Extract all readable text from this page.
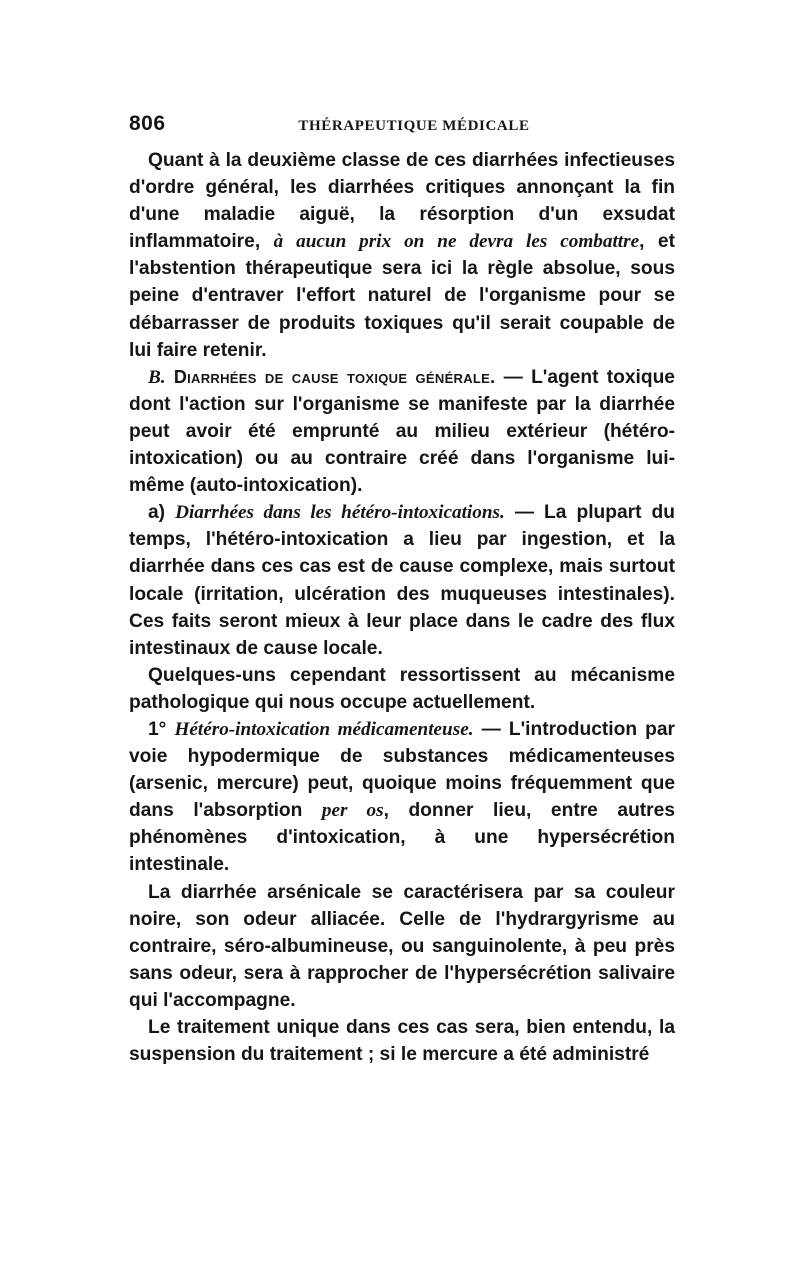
806	THÉRAPEUTIQUE MÉDICALE

Quant à la deuxième classe de ces diarrhées infectieuses d'ordre général, les diarrhées critiques annonçant la fin d'une maladie aiguë, la résorption d'un exsudat inflammatoire, à aucun prix on ne devra les combattre, et l'abstention thérapeutique sera ici la règle absolue, sous peine d'entraver l'effort naturel de l'organisme pour se débarrasser de produits toxiques qu'il serait coupable de lui faire retenir.

B. Diarrhées de cause toxique générale. — L'agent toxique dont l'action sur l'organisme se manifeste par la diarrhée peut avoir été emprunté au milieu extérieur (hétéro-intoxication) ou au contraire créé dans l'organisme lui-même (auto-intoxication).

a) Diarrhées dans les hétéro-intoxications. — La plupart du temps, l'hétéro-intoxication a lieu par ingestion, et la diarrhée dans ces cas est de cause complexe, mais surtout locale (irritation, ulcération des muqueuses intestinales). Ces faits seront mieux à leur place dans le cadre des flux intestinaux de cause locale.

Quelques-uns cependant ressortissent au mécanisme pathologique qui nous occupe actuellement.

1° Hétéro-intoxication médicamenteuse. — L'introduction par voie hypodermique de substances médicamenteuses (arsenic, mercure) peut, quoique moins fréquemment que dans l'absorption per os, donner lieu, entre autres phénomènes d'intoxication, à une hypersécrétion intestinale.

La diarrhée arsénicale se caractérisera par sa couleur noire, son odeur alliacée. Celle de l'hydrargyrisme au contraire, séro-albumineuse, ou sanguinolente, à peu près sans odeur, sera à rapprocher de l'hypersécrétion salivaire qui l'accompagne.

Le traitement unique dans ces cas sera, bien entendu, la suspension du traitement ; si le mercure a été administré
